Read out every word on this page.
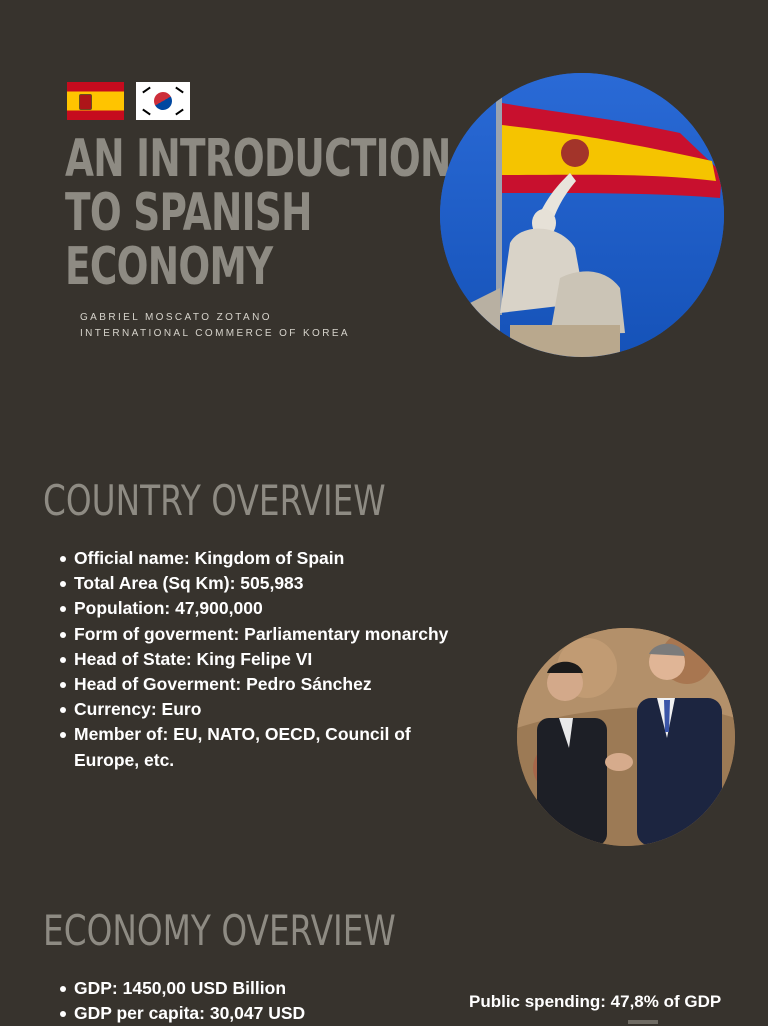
AN INTRODUCTION
TO SPANISH
ECONOMY
GABRIEL MOSCATO ZOTANO
INTERNATIONAL COMMERCE OF KOREA
COUNTRY OVERVIEW
Official name: Kingdom of Spain
Total Area (Sq Km): 505,983
Population: 47,900,000
Form of goverment: Parliamentary monarchy
Head of State: King Felipe VI
Head of Goverment: Pedro Sánchez
Currency: Euro
Member of: EU, NATO, OECD, Council of Europe, etc.
ECONOMY OVERVIEW
GDP: 1450,00 USD Billion
GDP per capita: 30,047 USD
Public spending: 47,8% of GDP
